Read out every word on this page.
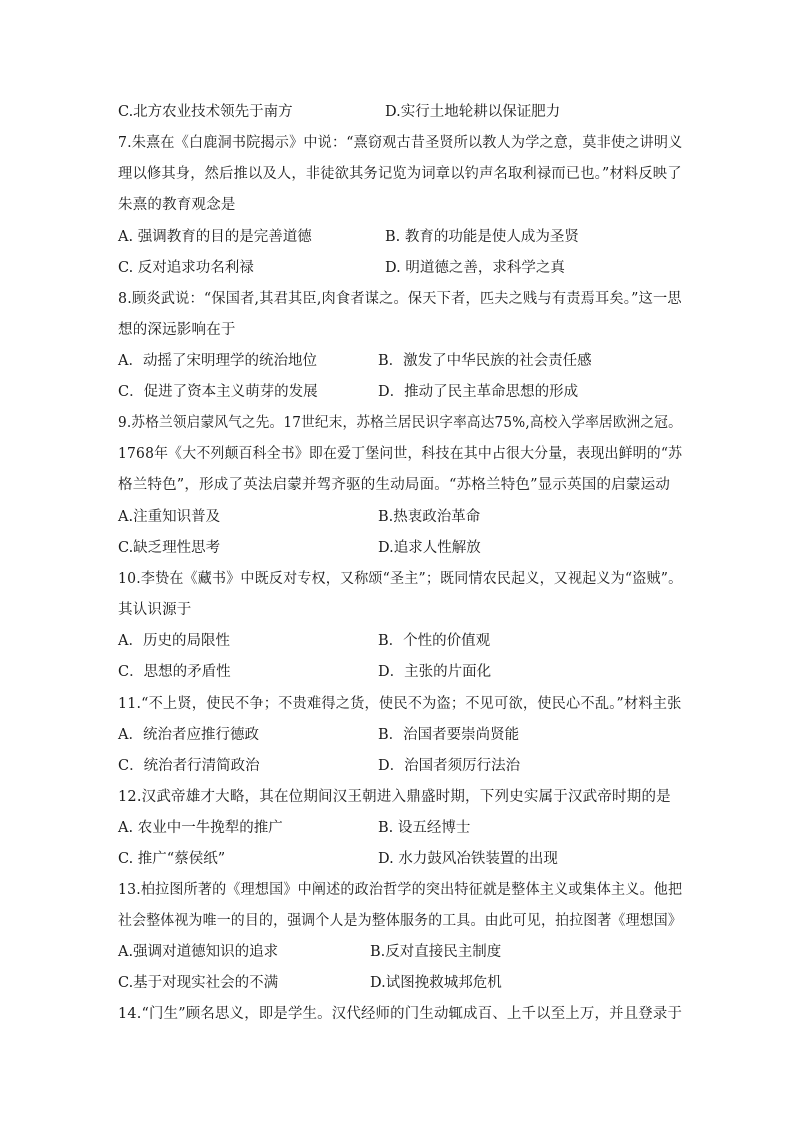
C.北方农业技术领先于南方	D.实行土地轮耕以保证肥力
7.朱熹在《白鹿洞书院揭示》中说：“熹窃观古昔圣贤所以教人为学之意，莫非使之讲明义
理以修其身，然后推以及人，非徒欲其务记览为词章以钓声名取利禄而已也。”材料反映了
朱熹的教育观念是
A. 强调教育的目的是完善道德	B. 教育的功能是使人成为圣贤
C. 反对追求功名利禄	D. 明道德之善，求科学之真
8.顾炎武说：“保国者,其君其臣,肉食者谋之。保天下者，匹夫之贱与有责焉耳矣。”这一思
想的深远影响在于
A．动摇了宋明理学的统治地位	B．激发了中华民族的社会责任感
C．促进了资本主义萌芽的发展	D．推动了民主革命思想的形成
9.苏格兰领启蒙风气之先。17世纪末，苏格兰居民识字率高达75%,高校入学率居欧洲之冠。
1768年《大不列颠百科全书》即在爱丁堡问世，科技在其中占很大分量，表现出鲜明的“苏
格兰特色”，形成了英法启蒙并驾齐驱的生动局面。“苏格兰特色”显示英国的启蒙运动
A.注重知识普及	B.热衷政治革命
C.缺乏理性思考	D.追求人性解放
10.李贽在《藏书》中既反对专权，又称颂“圣主”；既同情农民起义，又视起义为“盗贼”。
其认识源于
A．历史的局限性	B．个性的价值观
C．思想的矛盾性	D．主张的片面化
11.“不上贤，使民不争；不贵难得之货，使民不为盗；不见可欲，使民心不乱。”材料主张
A．统治者应推行德政	B．治国者要崇尚贤能
C．统治者行清简政治	D．治国者须厉行法治
12.汉武帝雄才大略，其在位期间汉王朝进入鼎盛时期，下列史实属于汉武帝时期的是
A. 农业中一牛挽犁的推广	B. 设五经博士
C. 推广“蔡侯纸”	D. 水力鼓风冶铁装置的出现
13.柏拉图所著的《理想国》中阐述的政治哲学的突出特征就是整体主义或集体主义。他把
社会整体视为唯一的目的，强调个人是为整体服务的工具。由此可见，拍拉图著《理想国》
A.强调对道德知识的追求	B.反对直接民主制度
C.基于对现实社会的不满	D.试图挽救城邦危机
14.“门生”顾名思义，即是学生。汉代经师的门生动辄成百、上千以至上万，并且登录于
